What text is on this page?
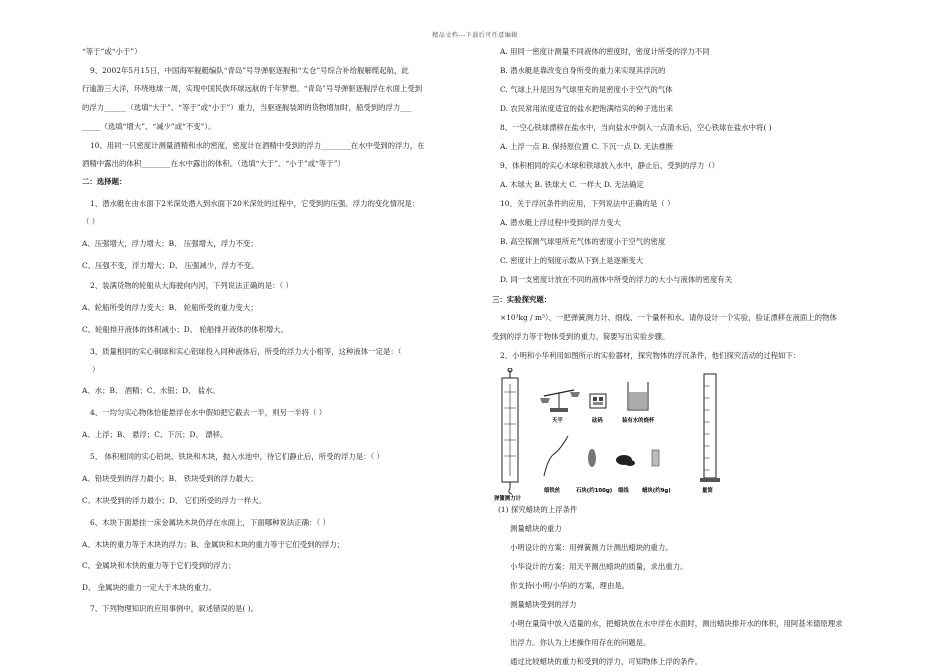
精品文档---下载后可任意编辑
“等于”或“小于”）
9、2002年5月15日，中国海军舰艇编队“青岛”号导弹驱逐舰和“太仓”号综合补给舰解缆起航，此
行逾游三大洋，环绕地球一周，实现中国民族环球远航的千年梦想。“青岛”号导弹驱逐舰浮在水面上受到
的浮力______（选填“大于”、“等于”或“小于”）重力，当驱逐舰装卸的货物增加时，船受到的浮力___
_____（选填“增大”、“减少”或“不变”）。
10、用同一只密度计测量酒精和水的密度，密度计在酒精中受到的浮力________在水中受到的浮力，在
酒精中露出的体积________在水中露出的体积。（选填“大于”、“小于”或“等于”）
二：选择题：
1、潜水艇在由水面下2米深处潜入到水面下20米深处的过程中，它受到的压强、浮力的变化情况是：
（ ）
A、压强增大，浮力增大；B、 压强增大，浮力不变；
C、压强不变，浮力增大；D、 压强减少，浮力不变。
2、装满货物的轮船从大海驶向内河，下列说法正确的是：（ ）
A、轮船所受的浮力变大；B、 轮船所受的重力变大；
C、轮船排开液体的体积减小；D、 轮船排开液体的体积增大。
3、质量相同的实心铜球和实心铝球投入同种液体后，所受的浮力大小相等，这种液体一定是：（
）
A、水；B、 酒精；C、水银；D、 盐水。
4、一均匀实心物体恰能悬浮在水中假如把它截去一半，则另一半将（ ）
A、上浮；B、 悬浮；C、下沉；D、 漂移。
5、 体积相同的实心铅块、铁块和木块，抛入水池中，待它们静止后，所受的浮力是：（ ）
A、铅块受到的浮力最小；B、 铁块受到的浮力最大；
C、木块受到的浮力最小；D、 它们所受的浮力一样大。
6、木块下面悬挂一床金属块木块仍浮在水面上，下面哪种说法正确：（ ）
A、木块的重力等于木块的浮力；B、金属块和木块的重力等于它们受到的浮力；
C、金属块和木快的重力等于它们受到的浮力；
D、 金属块的重力一定大于木块的重力。
7、下列物理知识的应用事例中，叙述错误的是( )。
A. 用同一密度计测量不同液体的密度时，密度计所受的浮力不同
B. 潜水艇是靠改变自身所受的重力来实现其浮沉的
C. 气球上升是因为气球里充的是密度小于空气的气体
D. 农民常用浓度适宜的盐水把饱满结实的种子选出来
8、一空心铁球漂移在盐水中，当向盐水中倒入一点清水后，空心铁球在盐水中将( )
A. 上浮一点 B. 保持原位置 C. 下沉一点 D. 无法推断
9、体积相同的实心木球和铁球放入水中，静止后，受到的浮力（）
A. 木球大 B. 铁球大 C. 一样大 D. 无法确定
10、关于浮沉条件的应用，下列说法中正确的是（ ）
A. 潜水艇上浮过程中受到的浮力变大
B. 高空探测气球里所充气体的密度小于空气的密度
C. 密度计上的刻度示数从下到上是逐渐变大
D. 同一支密度计放在不同的液体中所受的浮力的大小与液体的密度有关
三：实验探究题：
×10³kg / m³）、一把弹簧测力计、细线、一个量杯和水。请你设计一个实验，验证漂移在液面上的物体
受到的浮力等于物体受到的重力。简要写出实验步骤。
2、小明和小华利用如图所示的实验器材，探究物体的浮沉条件，他们探究活动的过程如下：
弹簧测力计
天平	砝码	装有水的烧杯
细铁丝	石块(约100g) 细线 蜡块(约9g)	量筒
(1) 探究蜡块的上浮条件
测量蜡块的重力
小明设计的方案：用弹簧测力计测出蜡块的重力。
小华设计的方案：用天平测出蜡块的质量，求出重力。
你支持(小明/小华)的方案，理由是。
测量蜡块受到的浮力
小明在量筒中放入适量的水，把蜡块放在水中浮在水面时，测出蜡块排开水的体积，用阿基米德原理求
出浮力。你认为上述操作用存在的问题是。
通过比较蜡块的重力和受到的浮力，可知物体上浮的条件。
